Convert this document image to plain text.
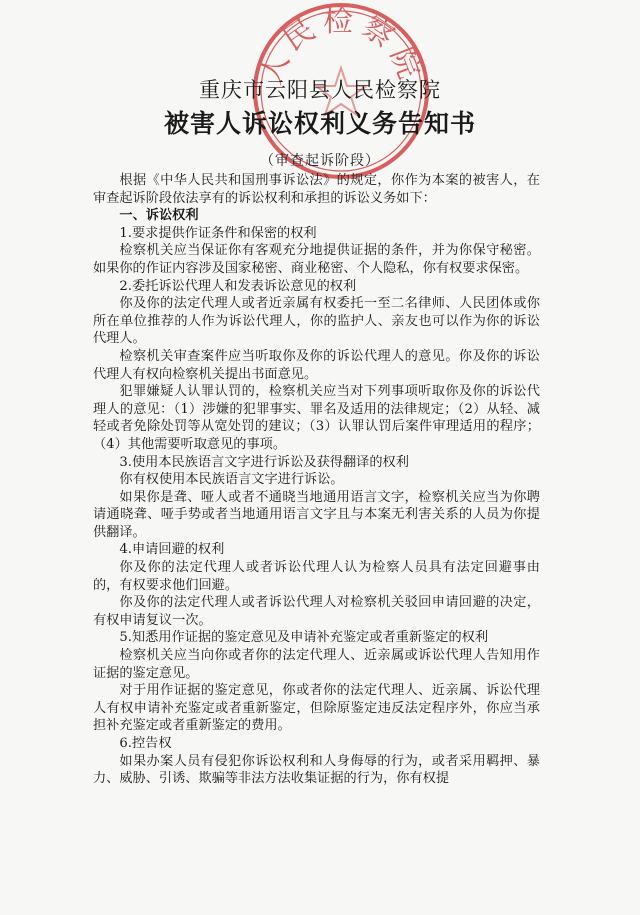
人民检察院
重庆市云阳县人民检察院
被害人诉讼权利义务告知书
（审查起诉阶段）

根据《中华人民共和国刑事诉讼法》的规定，你作为本案的被害人，在审查起诉阶段依法享有的诉讼权利和承担的诉讼义务如下：

一、诉讼权利

1.要求提供作证条件和保密的权利

检察机关应当保证你有客观充分地提供证据的条件，并为你保守秘密。如果你的作证内容涉及国家秘密、商业秘密、个人隐私，你有权要求保密。

2.委托诉讼代理人和发表诉讼意见的权利

你及你的法定代理人或者近亲属有权委托一至二名律师、人民团体或你所在单位推荐的人作为诉讼代理人，你的监护人、亲友也可以作为你的诉讼代理人。

检察机关审查案件应当听取你及你的诉讼代理人的意见。你及你的诉讼代理人有权向检察机关提出书面意见。

犯罪嫌疑人认罪认罚的，检察机关应当对下列事项听取你及你的诉讼代理人的意见：（1）涉嫌的犯罪事实、罪名及适用的法律规定；（2）从轻、减轻或者免除处罚等从宽处罚的建议；（3）认罪认罚后案件审理适用的程序；（4）其他需要听取意见的事项。

3.使用本民族语言文字进行诉讼及获得翻译的权利

你有权使用本民族语言文字进行诉讼。

如果你是聋、哑人或者不通晓当地通用语言文字，检察机关应当为你聘请通晓聋、哑手势或者当地通用语言文字且与本案无利害关系的人员为你提供翻译。

4.申请回避的权利

你及你的法定代理人或者诉讼代理人认为检察人员具有法定回避事由的，有权要求他们回避。

你及你的法定代理人或者诉讼代理人对检察机关驳回申请回避的决定，有权申请复议一次。

5.知悉用作证据的鉴定意见及申请补充鉴定或者重新鉴定的权利

检察机关应当向你或者你的法定代理人、近亲属或诉讼代理人告知用作证据的鉴定意见。

对于用作证据的鉴定意见，你或者你的法定代理人、近亲属、诉讼代理人有权申请补充鉴定或者重新鉴定，但除原鉴定违反法定程序外，你应当承担补充鉴定或者重新鉴定的费用。

6.控告权

如果办案人员有侵犯你诉讼权利和人身侮辱的行为，或者采用羁押、暴力、威胁、引诱、欺骗等非法方法收集证据的行为，你有权提
